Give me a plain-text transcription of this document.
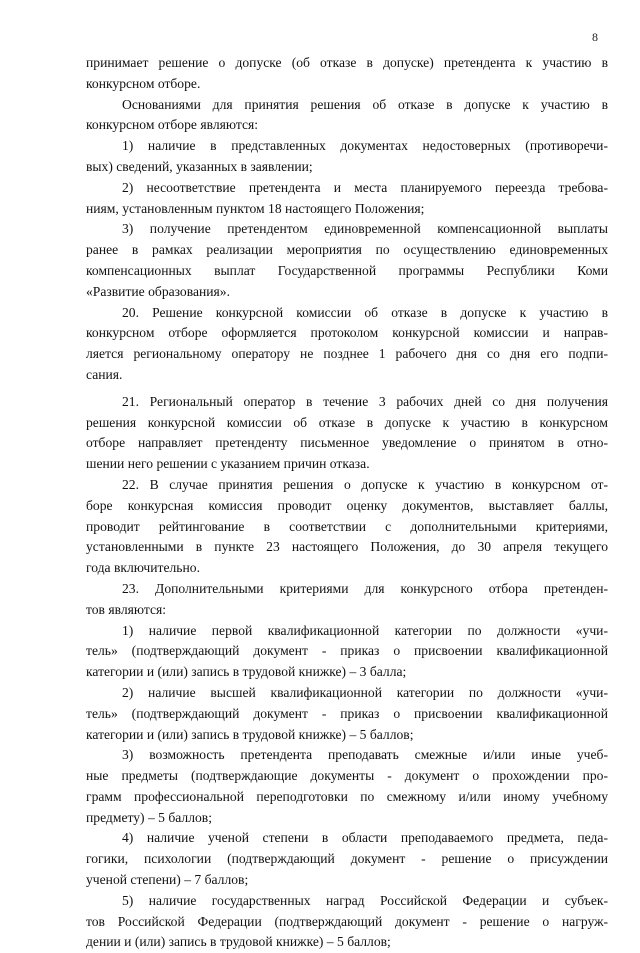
8
принимает решение о допуске (об отказе в допуске) претендента к участию в
конкурсном отборе.
Основаниями для принятия решения об отказе в допуске к участию в
конкурсном отборе являются:
1) наличие в представленных документах недостоверных (противоречи-
вых) сведений, указанных в заявлении;
2) несоответствие претендента и места планируемого переезда требова-
ниям, установленным пунктом 18 настоящего Положения;
3) получение претендентом единовременной компенсационной выплаты
ранее в рамках реализации мероприятия по осуществлению единовременных
компенсационных выплат Государственной программы Республики Коми
«Развитие образования».
20. Решение конкурсной комиссии об отказе в допуске к участию в
конкурсном отборе оформляется протоколом конкурсной комиссии и направ-
ляется региональному оператору не позднее 1 рабочего дня со дня его подпи-
сания.
21. Региональный оператор в течение 3 рабочих дней со дня получения
решения конкурсной комиссии об отказе в допуске к участию в конкурсном
отборе направляет претенденту письменное уведомление о принятом в отно-
шении него решении с указанием причин отказа.
22. В случае принятия решения о допуске к участию в конкурсном от-
боре конкурсная комиссия проводит оценку документов, выставляет баллы,
проводит рейтингование в соответствии с дополнительными критериями,
установленными в пункте 23 настоящего Положения, до 30 апреля текущего
года включительно.
23. Дополнительными критериями для конкурсного отбора претенден-
тов являются:
1) наличие первой квалификационной категории по должности «учи-
тель» (подтверждающий документ - приказ о присвоении квалификационной
категории и (или) запись в трудовой книжке) – 3 балла;
2) наличие высшей квалификационной категории по должности «учи-
тель» (подтверждающий документ - приказ о присвоении квалификационной
категории и (или) запись в трудовой книжке) – 5 баллов;
3) возможность претендента преподавать смежные и/или иные учеб-
ные предметы (подтверждающие документы - документ о прохождении про-
грамм профессиональной переподготовки по смежному и/или иному учебному
предмету) – 5 баллов;
4) наличие ученой степени в области преподаваемого предмета, педа-
гогики, психологии (подтверждающий документ - решение о присуждении
ученой степени) – 7 баллов;
5) наличие государственных наград Российской Федерации и субъек-
тов Российской Федерации (подтверждающий документ - решение о нагруж-
дении и (или) запись в трудовой книжке) – 5 баллов;
